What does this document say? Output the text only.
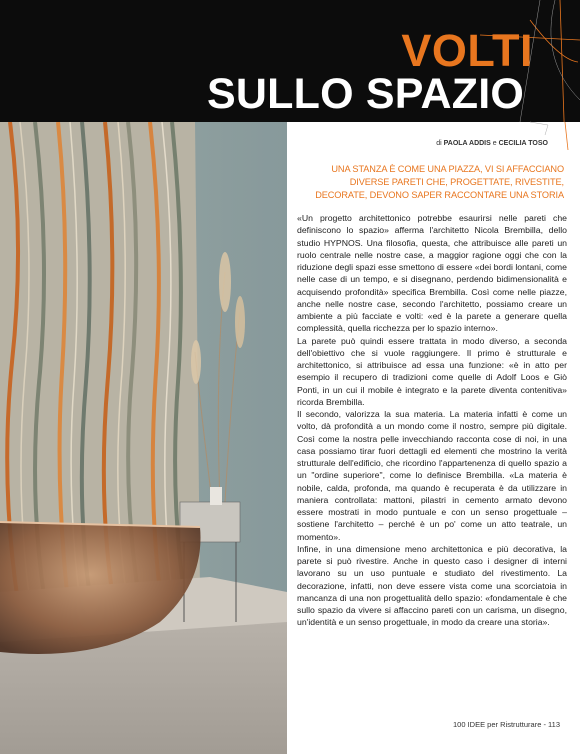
VOLTI
SULLO SPAZIO
di PAOLA ADDIS e CECILIA TOSO
UNA STANZA È COME UNA PIAZZA, VI SI AFFACCIANO DIVERSE PARETI CHE, PROGETTATE, RIVESTITE, DECORATE, DEVONO SAPER RACCONTARE UNA STORIA

«Un progetto architettonico potrebbe esaurirsi nelle pareti che definiscono lo spazio» afferma l'architetto Nicola Brembilla, dello studio HYPNOS. Una filosofia, questa, che attribuisce alle pareti un ruolo centrale nelle nostre case, a maggior ragione oggi che con la riduzione degli spazi esse smettono di essere «dei bordi lontani, come nelle case di un tempo, e si disegnano, perdendo bidimensionalità e acquisendo profondità» specifica Brembilla. Così come nelle piazze, anche nelle nostre case, secondo l'architetto, possiamo creare un ambiente a più facciate e volti: «ed è la parete a generare quella complessità, quella ricchezza per lo spazio interno».

La parete può quindi essere trattata in modo diverso, a seconda dell'obiettivo che si vuole raggiungere. Il primo è strutturale e architettonico, si attribuisce ad essa una funzione: «è in atto per esempio il recupero di tradizioni come quelle di Adolf Loos e Giò Ponti, in un cui il mobile è integrato e la parete diventa contenitiva» ricorda Brembilla.

Il secondo, valorizza la sua materia. La materia infatti è come un volto, dà profondità a un mondo come il nostro, sempre più digitale. Così come la nostra pelle invecchiando racconta cose di noi, in una casa possiamo tirar fuori dettagli ed elementi che mostrino la verità strutturale dell'edificio, che ricordino l'appartenenza di quello spazio a un "ordine superiore", come lo definisce Brembilla. «La materia è nobile, calda, profonda, ma quando è recuperata è da utilizzare in maniera controllata: mattoni, pilastri in cemento armato devono essere mostrati in modo puntuale e con un senso progettuale – sostiene l'architetto – perché è un po' come un atto teatrale, un momento».

Infine, in una dimensione meno architettonica e più decorativa, la parete si può rivestire. Anche in questo caso i designer di interni lavorano su un uso puntuale e studiato del rivestimento. La decorazione, infatti, non deve essere vista come una scorciatoia in mancanza di una non progettualità dello spazio: «fondamentale è che sullo spazio da vivere si affaccino pareti con un carisma, un disegno, un'identità e un senso progettuale, in modo da creare una storia».

100 IDEE per Ristrutturare - 113
